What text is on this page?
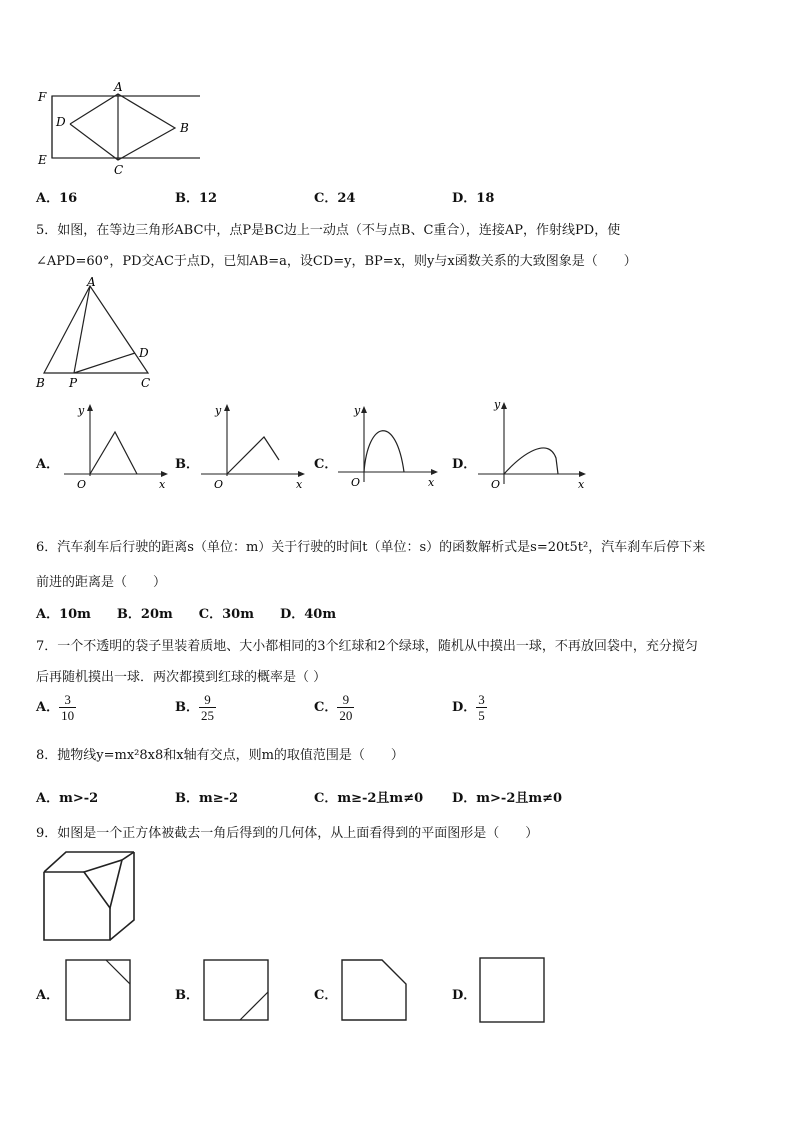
F
A
D	B
E
C
A．16	B．12	C．24	D．18
5．如图，在等边三角形ABC中，点P是BC边上一动点（不与点B、C重合），连接AP，作射线PD，使
∠APD=60°，PD交AC于点D，已知AB=a，设CD=y，BP=x，则y与x函数关系的大致图象是（　　）
A
D
B P	C
A．
y
x
O
B．
y
x
O
C．
y
x
O
D．
y
x
O
6．汽车刹车后行驶的距离s（单位：m）关于行驶的时间t（单位：s）的函数解析式是s=20t5t²，汽车刹车后停下来
前进的距离是（　　）
A．10m　　B．20m　　C．30m　　D．40m
7．一个不透明的袋子里装着质地、大小都相同的3个红球和2个绿球，随机从中摸出一球，不再放回袋中，充分搅匀
后再随机摸出一球．两次都摸到红球的概率是（ ）
A． $\frac{3}{10}$	B． $\frac{9}{25}$	C． $\frac{9}{20}$	D． $\frac{3}{5}$
8．抛物线y=mx²8x8和x轴有交点，则m的取值范围是（　　）
A．m>-2	B．m≥-2	C．m≥-2且m≠0 D．m>-2且m≠0
9．如图是一个正方体被截去一角后得到的几何体，从上面看得到的平面图形是（　　）
A．	B．	C．	D．
